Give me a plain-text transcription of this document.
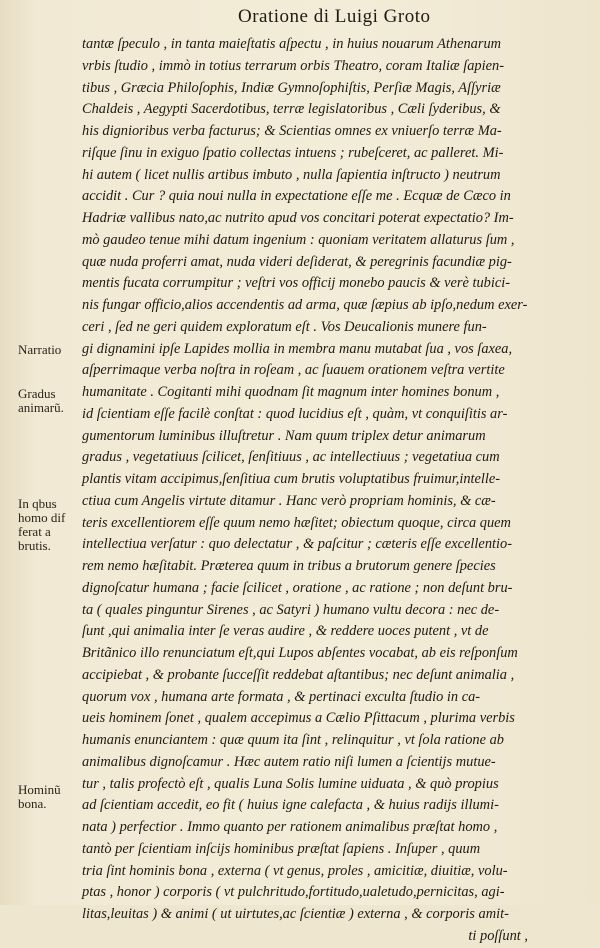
Oratione di Luigi Groto
tantæ ſpeculo , in tanta maieſtatis aſpectu , in huius nouarum Athenarum
vrbis ſtudio , immò in totius terrarum orbis Theatro, coram Italiæ ſapien-
tibus , Græcia Philoſophis, Indiæ Gymnoſophiſtis, Perſiæ Magis, Aſſyriæ
Chaldeis , Aegypti Sacerdotibus, terræ legislatoribus , Cæli ſyderibus, &
his dignioribus verba facturus; & Scientias omnes ex vniuerſo terræ Ma-
riſque ſinu in exiguo ſpatio collectas intuens ; rubeſceret, ac palleret. Mi-
hi autem ( licet nullis artibus imbuto , nulla ſapientia inſtructo ) neutrum
accidit . Cur ? quia noui nulla in expectatione eſſe me . Ecquæ de Cæco in
Hadriæ vallibus nato,ac nutrito apud vos concitari poterat expectatio? Im-
mò gaudeo tenue mihi datum ingenium : quoniam veritatem allaturus ſum ,
quæ nuda proferri amat, nuda videri deſiderat, & peregrinis facundiæ pig-
mentis fucata corrumpitur ; veſtri vos officij monebo paucis & verè tubici-
nis fungar officio,alios accendentis ad arma, quæ ſæpius ab ipſo,nedum exer-
ceri , ſed ne geri quidem exploratum eſt . Vos Deucalionis munere fun-
gi dignamini ipſe Lapides mollia in membra manu mutabat ſua , vos ſaxea,
aſperrimaque verba noſtra in roſeam , ac ſuauem orationem veſtra vertite
humanitate . Cogitanti mihi quodnam ſit magnum inter homines bonum ,
id ſcientiam eſſe facilè conſtat : quod lucidius eſt , quàm, vt conquiſitis ar-
gumentorum luminibus illuſtretur . Nam quum triplex detur animarum
gradus , vegetatiuus ſcilicet, ſenſitiuus , ac intellectiuus ; vegetatiua cum
plantis vitam accipimus,ſenſitiua cum brutis voluptatibus fruimur,intelle-
ctiua cum Angelis virtute ditamur . Hanc verò propriam hominis, & cæ-
teris excellentiorem eſſe quum nemo hæſitet; obiectum quoque, circa quem
intellectiua verſatur : quo delectatur , & paſcitur ; cæteris eſſe excellentio-
rem nemo hæſitabit. Præterea quum in tribus a brutorum genere ſpecies
dignoſcatur humana ; facie ſcilicet , oratione , ac ratione ; non deſunt bru-
ta ( quales pinguntur Sirenes , ac Satyri ) humano vultu decora : nec de-
ſunt ,qui animalia inter ſe veras audire , & reddere uoces putent , vt de
Britãnico illo renunciatum eſt,qui Lupos abſentes vocabat, ab eis reſponſum
accipiebat , & probante ſucceſſit reddebat aſtantibus; nec deſunt animalia ,
quorum vox , humana arte formata , & pertinaci exculta ſtudio in ca-
ueis hominem ſonet , qualem accepimus a Cælio Pſittacum , plurima verbis
humanis enunciantem : quæ quum ita ſint , relinquitur , vt ſola ratione ab
animalibus dignoſcamur . Hæc autem ratio niſi lumen a ſcientijs mutue-
tur , talis profectò eſt , qualis Luna Solis lumine uiduata , & quò propius
ad ſcientiam accedit, eo fit ( huius igne calefacta , & huius radijs illumi-
nata ) perfectior . Immo quanto per rationem animalibus præſtat homo ,
tantò per ſcientiam inſcijs hominibus præſtat ſapiens . Inſuper , quum
tria ſint hominis bona , externa ( vt genus, proles , amicitiæ, diuitiæ, volu-
ptas , honor ) corporis ( vt pulchritudo,fortitudo,ualetudo,pernicitas, agi-
litas,leuitas ) & animi ( ut uirtutes,ac ſcientiæ ) externa , & corporis amit-
ti poſſunt ,
Narratio
Gradus animarũ.
In qbus homo dif ferat a brutis.
Hominũ bona.
